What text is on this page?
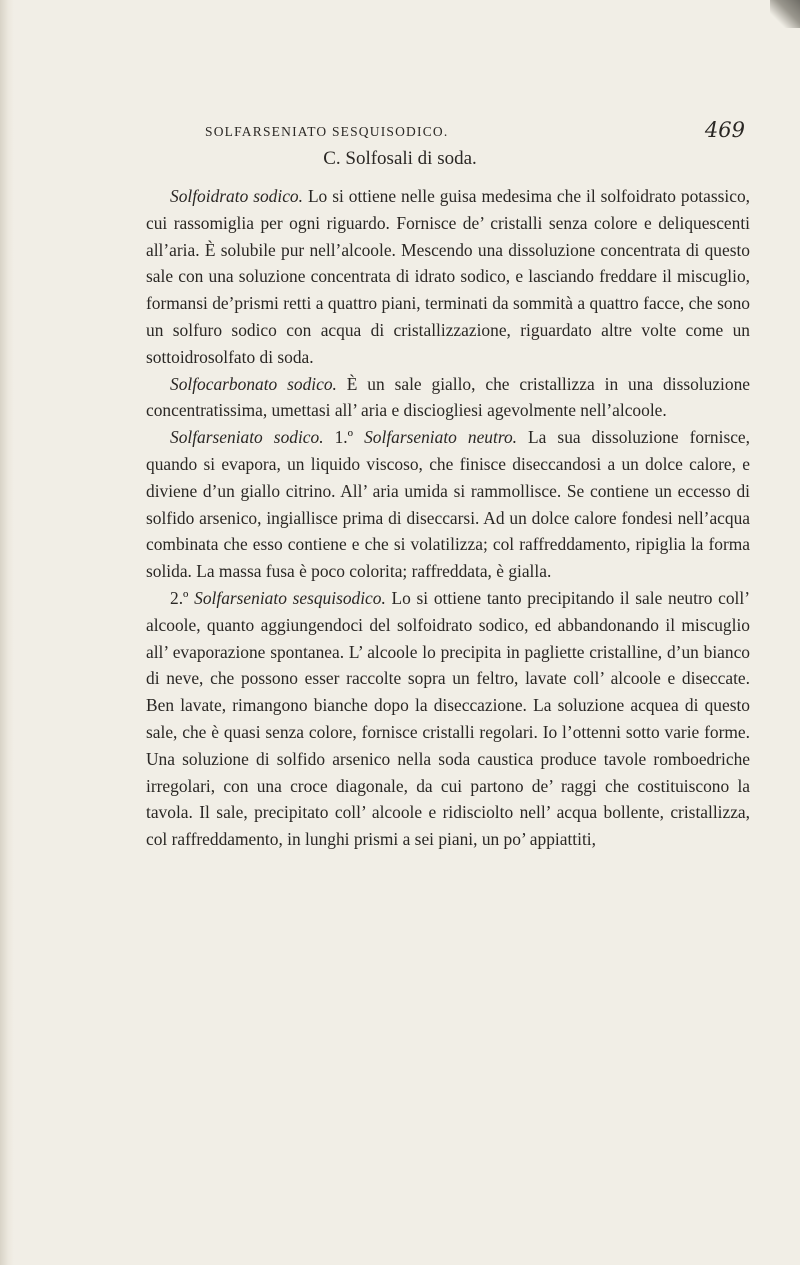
SOLFARSENIATO SESQUISODICO.	469
C. Solfosali di soda.

Solfoidrato sodico. Lo si ottiene nelle guisa medesima che il solfoidrato potassico, cui rassomiglia per ogni riguardo. Fornisce de’ cristalli senza colore e deliquescenti all’aria. È solubile pur nell’alcoole. Mescendo una dissoluzione concentrata di questo sale con una soluzione concentrata di idrato sodico, e lasciando freddare il miscuglio, formansi de’prismi retti a quattro piani, terminati da sommità a quattro facce, che sono un solfuro sodico con acqua di cristallizzazione, riguardato altre volte come un sottoidrosolfato di soda.

Solfocarbonato sodico. È un sale giallo, che cristallizza in una dissoluzione concentratissima, umettasi all’ aria e disciogliesi agevolmente nell’alcoole.

Solfarseniato sodico. 1.º Solfarseniato neutro. La sua dissoluzione fornisce, quando si evapora, un liquido viscoso, che finisce diseccandosi a un dolce calore, e diviene d’un giallo citrino. All’ aria umida si rammollisce. Se contiene un eccesso di solfido arsenico, ingiallisce prima di diseccarsi. Ad un dolce calore fondesi nell’acqua combinata che esso contiene e che si volatilizza; col raffreddamento, ripiglia la forma solida. La massa fusa è poco colorita; raffreddata, è gialla.

2.º Solfarseniato sesquisodico. Lo si ottiene tanto precipitando il sale neutro coll’ alcoole, quanto aggiungendoci del solfoidrato sodico, ed abbandonando il miscuglio all’ evaporazione spontanea. L’ alcoole lo precipita in pagliette cristalline, d’un bianco di neve, che possono esser raccolte sopra un feltro, lavate coll’ alcoole e diseccate. Ben lavate, rimangono bianche dopo la diseccazione. La soluzione acquea di questo sale, che è quasi senza colore, fornisce cristalli regolari. Io l’ottenni sotto varie forme. Una soluzione di solfido arsenico nella soda caustica produce tavole romboedriche irregolari, con una croce diagonale, da cui partono de’ raggi che costituiscono la tavola. Il sale, precipitato coll’ alcoole e ridisciolto nell’ acqua bollente, cristallizza, col raffreddamento, in lunghi prismi a sei piani, un po’ appiattiti,
